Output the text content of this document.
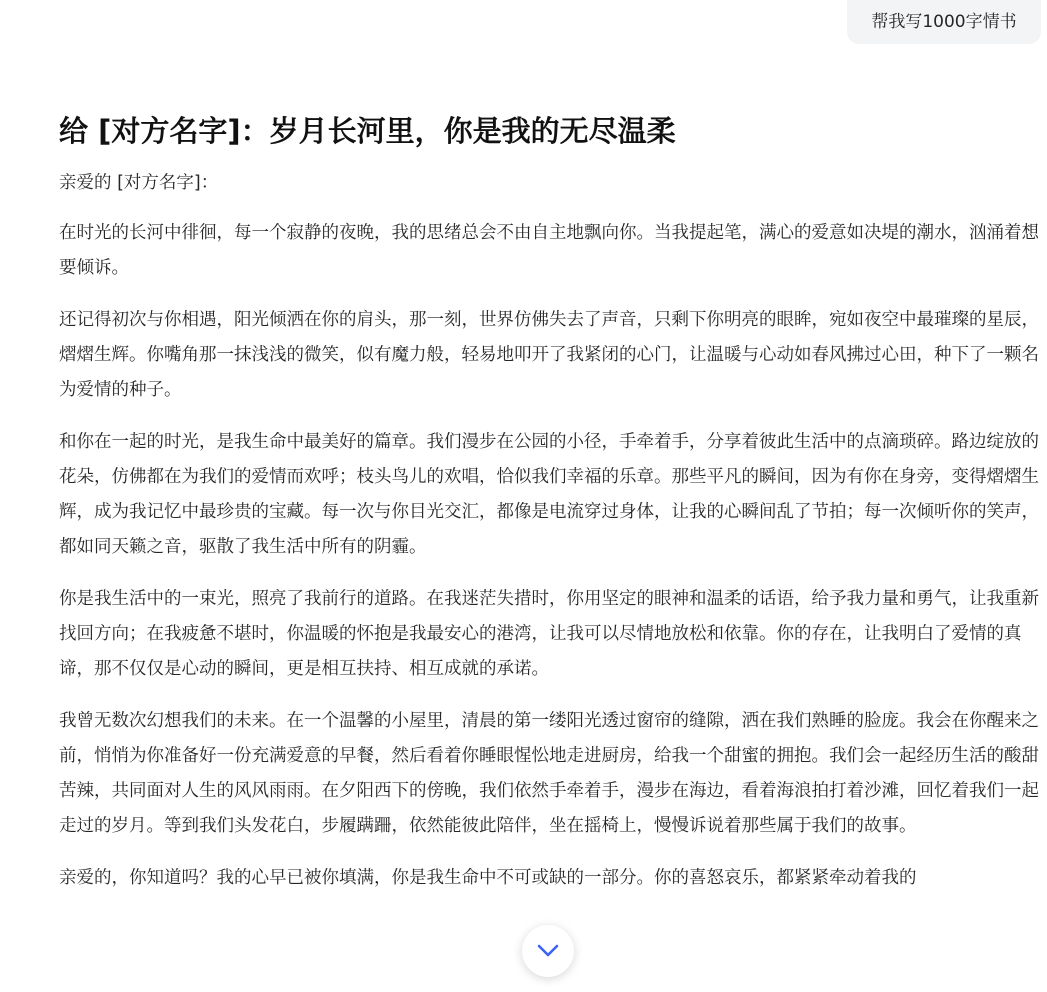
帮我写1000字情书
给 [对方名字]：岁月长河里，你是我的无尽温柔

亲爱的 [对方名字]：

在时光的长河中徘徊，每一个寂静的夜晚，我的思绪总会不由自主地飘向你。当我提起笔，满心的爱意如决堤的潮水，汹涌着想要倾诉。

还记得初次与你相遇，阳光倾洒在你的肩头，那一刻，世界仿佛失去了声音，只剩下你明亮的眼眸，宛如夜空中最璀璨的星辰，熠熠生辉。你嘴角那一抹浅浅的微笑，似有魔力般，轻易地叩开了我紧闭的心门，让温暖与心动如春风拂过心田，种下了一颗名为爱情的种子。

和你在一起的时光，是我生命中最美好的篇章。我们漫步在公园的小径，手牵着手，分享着彼此生活中的点滴琐碎。路边绽放的花朵，仿佛都在为我们的爱情而欢呼；枝头鸟儿的欢唱，恰似我们幸福的乐章。那些平凡的瞬间，因为有你在身旁，变得熠熠生辉，成为我记忆中最珍贵的宝藏。每一次与你目光交汇，都像是电流穿过身体，让我的心瞬间乱了节拍；每一次倾听你的笑声，都如同天籁之音，驱散了我生活中所有的阴霾。

你是我生活中的一束光，照亮了我前行的道路。在我迷茫失措时，你用坚定的眼神和温柔的话语，给予我力量和勇气，让我重新找回方向；在我疲惫不堪时，你温暖的怀抱是我最安心的港湾，让我可以尽情地放松和依靠。你的存在，让我明白了爱情的真谛，那不仅仅是心动的瞬间，更是相互扶持、相互成就的承诺。

我曾无数次幻想我们的未来。在一个温馨的小屋里，清晨的第一缕阳光透过窗帘的缝隙，洒在我们熟睡的脸庞。我会在你醒来之前，悄悄为你准备好一份充满爱意的早餐，然后看着你睡眼惺忪地走进厨房，给我一个甜蜜的拥抱。我们会一起经历生活的酸甜苦辣，共同面对人生的风风雨雨。在夕阳西下的傍晚，我们依然手牵着手，漫步在海边，看着海浪拍打着沙滩，回忆着我们一起走过的岁月。等到我们头发花白，步履蹒跚，依然能彼此陪伴，坐在摇椅上，慢慢诉说着那些属于我们的故事。

亲爱的，你知道吗？我的心早已被你填满，你是我生命中不可或缺的一部分。你的喜怒哀乐，都紧紧牵动着我的
